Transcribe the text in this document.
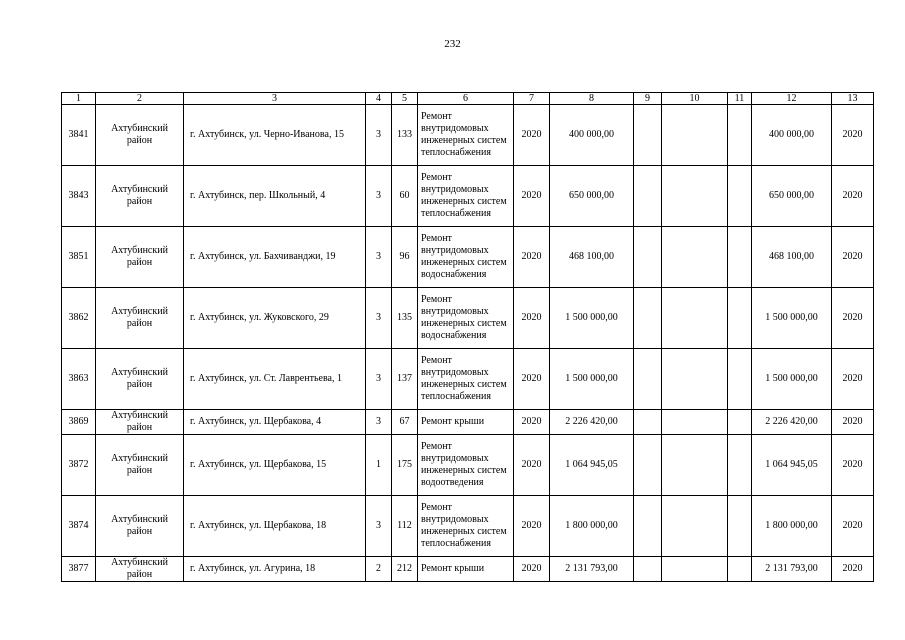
232
1	2	3	4	5	6	7	8	9	10	11	12	13
3841	Ахтубинский район	г. Ахтубинск, ул. Черно-Иванова, 15	3	133	Ремонт внутридомовых инженерных систем теплоснабжения	2020	400 000,00				400 000,00	2020
3843	Ахтубинский район	г. Ахтубинск, пер. Школьный, 4	3	60	Ремонт внутридомовых инженерных систем теплоснабжения	2020	650 000,00				650 000,00	2020
3851	Ахтубинский район	г. Ахтубинск, ул. Бахчиванджи, 19	3	96	Ремонт внутридомовых инженерных систем водоснабжения	2020	468 100,00				468 100,00	2020
3862	Ахтубинский район	г. Ахтубинск, ул. Жуковского, 29	3	135	Ремонт внутридомовых инженерных систем водоснабжения	2020	1 500 000,00				1 500 000,00	2020
3863	Ахтубинский район	г. Ахтубинск, ул. Ст. Лаврентьева, 1	3	137	Ремонт внутридомовых инженерных систем теплоснабжения	2020	1 500 000,00				1 500 000,00	2020
3869	Ахтубинский район	г. Ахтубинск, ул. Щербакова, 4	3	67	Ремонт крыши	2020	2 226 420,00				2 226 420,00	2020
3872	Ахтубинский район	г. Ахтубинск, ул. Щербакова, 15	1	175	Ремонт внутридомовых инженерных систем водоотведения	2020	1 064 945,05				1 064 945,05	2020
3874	Ахтубинский район	г. Ахтубинск, ул. Щербакова, 18	3	112	Ремонт внутридомовых инженерных систем теплоснабжения	2020	1 800 000,00				1 800 000,00	2020
3877	Ахтубинский район	г. Ахтубинск, ул. Агурина, 18	2	212	Ремонт крыши	2020	2 131 793,00				2 131 793,00	2020
